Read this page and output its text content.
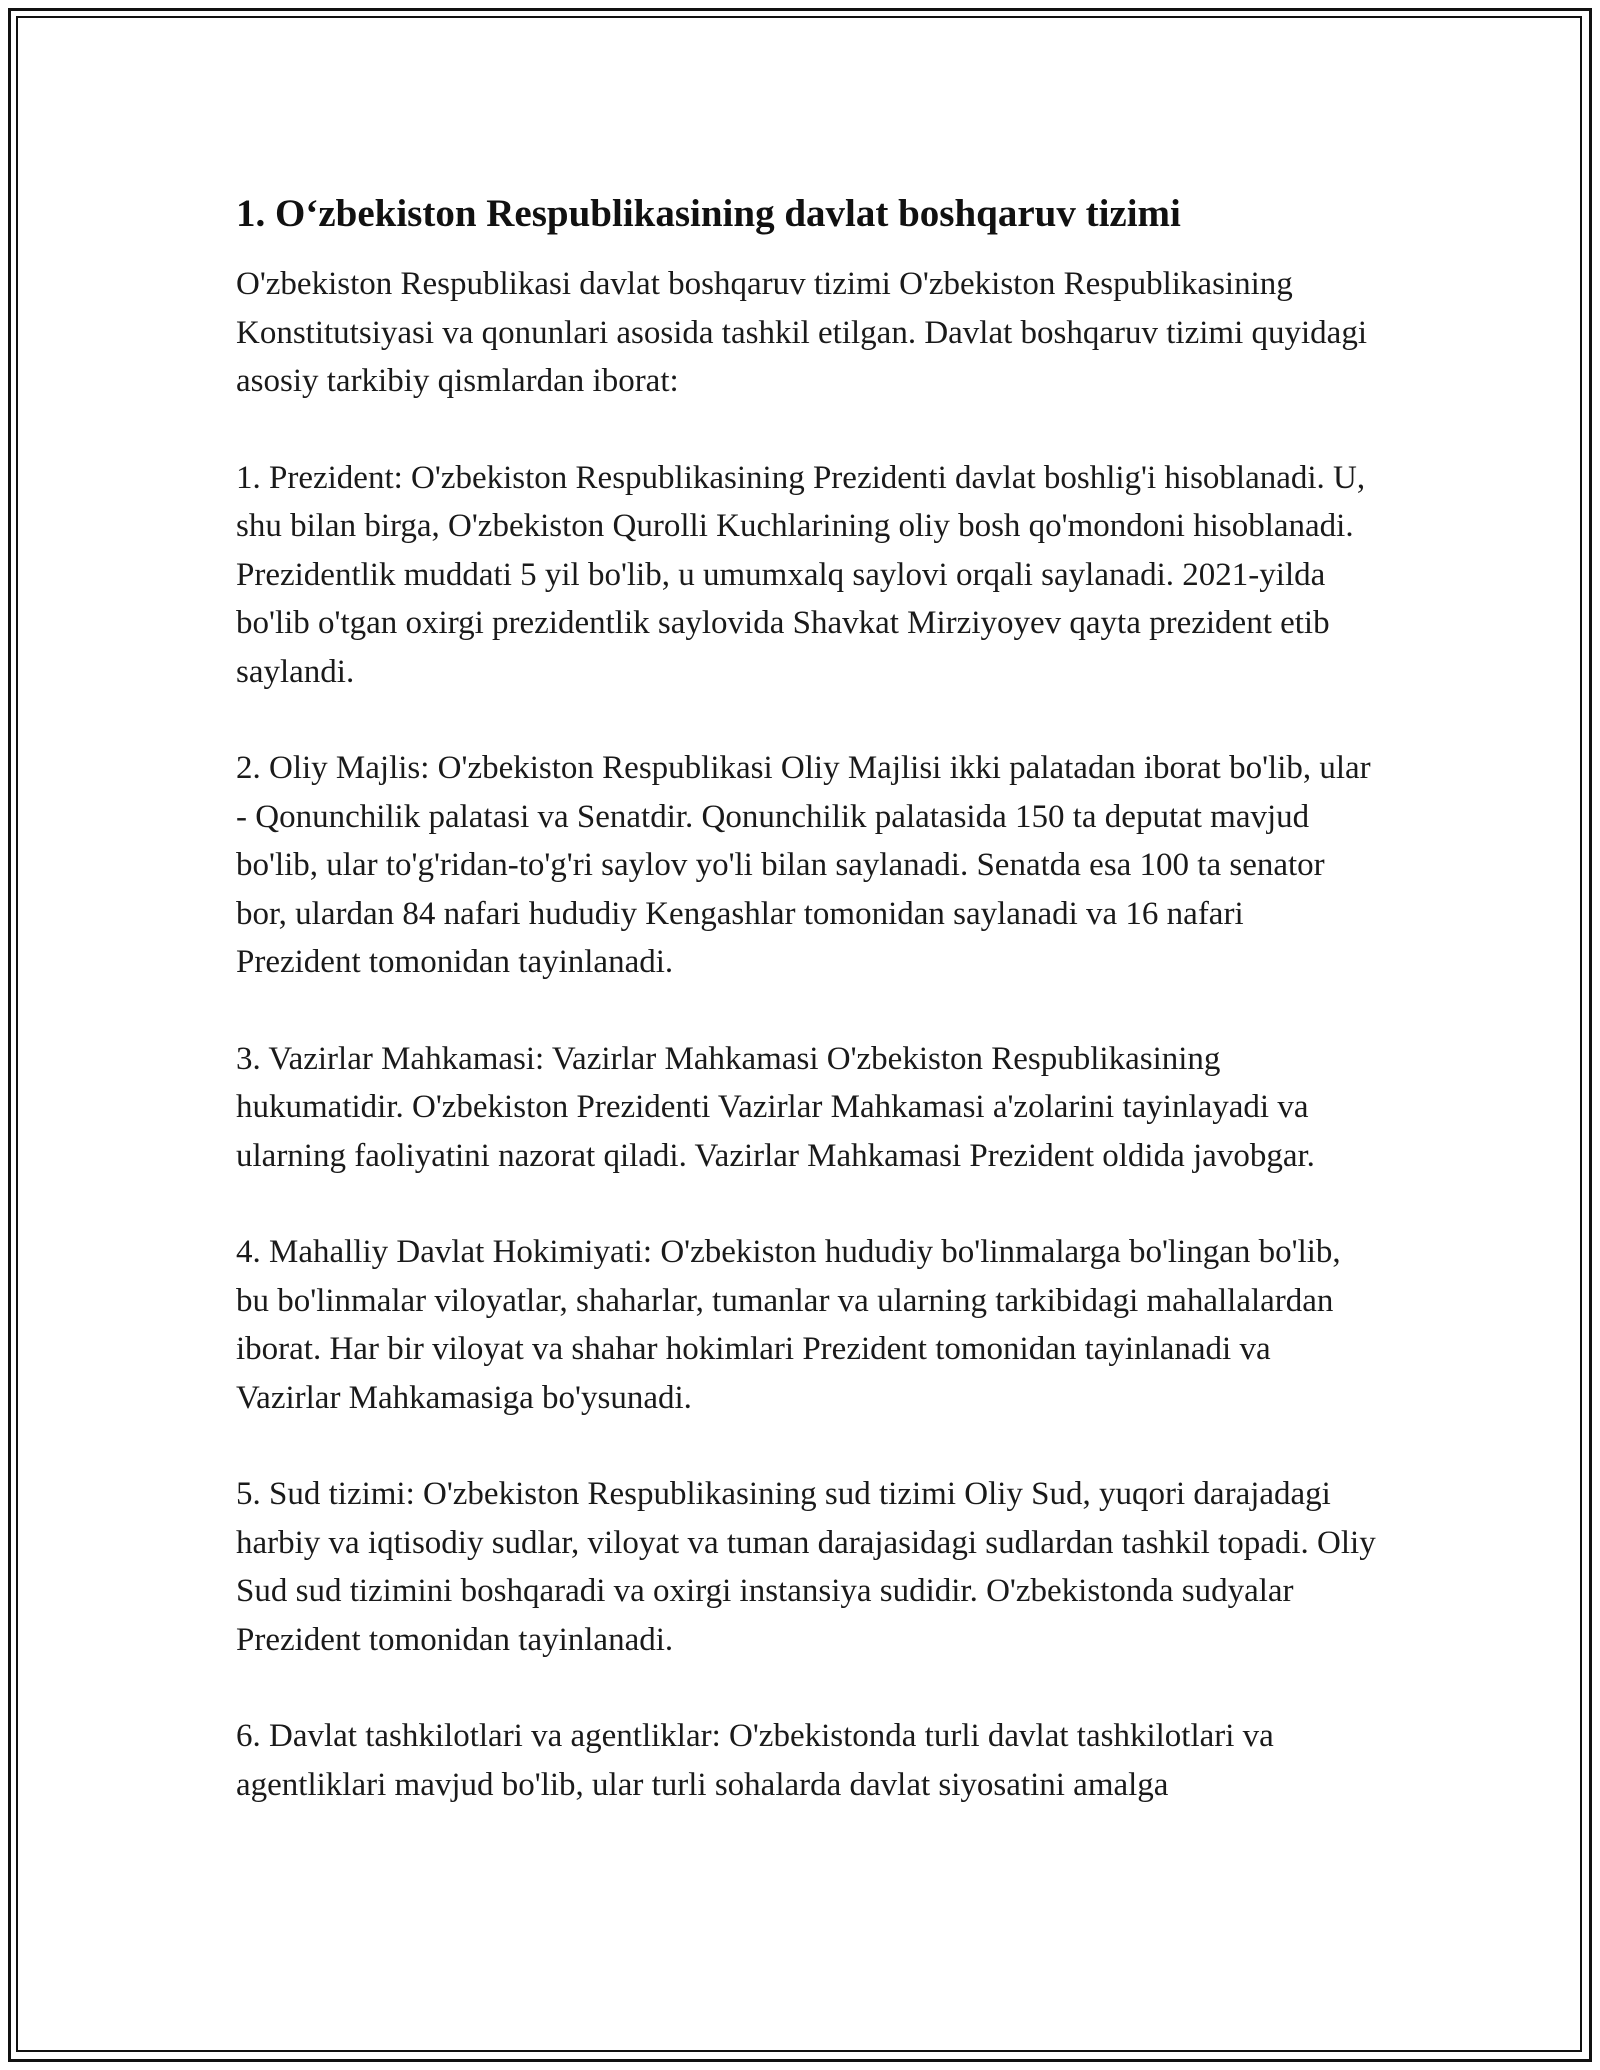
1. O‘zbekiston Respublikasining davlat boshqaruv tizimi

O'zbekiston Respublikasi davlat boshqaruv tizimi O'zbekiston Respublikasining Konstitutsiyasi va qonunlari asosida tashkil etilgan. Davlat boshqaruv tizimi quyidagi asosiy tarkibiy qismlardan iborat:

1. Prezident: O'zbekiston Respublikasining Prezidenti davlat boshlig'i hisoblanadi. U, shu bilan birga, O'zbekiston Qurolli Kuchlarining oliy bosh qo'mondoni hisoblanadi. Prezidentlik muddati 5 yil bo'lib, u umumxalq saylovi orqali saylanadi. 2021-yilda bo'lib o'tgan oxirgi prezidentlik saylovida Shavkat Mirziyoyev qayta prezident etib saylandi.

2. Oliy Majlis: O'zbekiston Respublikasi Oliy Majlisi ikki palatadan iborat bo'lib, ular - Qonunchilik palatasi va Senatdir. Qonunchilik palatasida 150 ta deputat mavjud bo'lib, ular to'g'ridan-to'g'ri saylov yo'li bilan saylanadi. Senatda esa 100 ta senator bor, ulardan 84 nafari hududiy Kengashlar tomonidan saylanadi va 16 nafari Prezident tomonidan tayinlanadi.

3. Vazirlar Mahkamasi: Vazirlar Mahkamasi O'zbekiston Respublikasining hukumatidir. O'zbekiston Prezidenti Vazirlar Mahkamasi a'zolarini tayinlayadi va ularning faoliyatini nazorat qiladi. Vazirlar Mahkamasi Prezident oldida javobgar.

4. Mahalliy Davlat Hokimiyati: O'zbekiston hududiy bo'linmalarga bo'lingan bo'lib, bu bo'linmalar viloyatlar, shaharlar, tumanlar va ularning tarkibidagi mahallalardan iborat. Har bir viloyat va shahar hokimlari Prezident tomonidan tayinlanadi va Vazirlar Mahkamasiga bo'ysunadi.

5. Sud tizimi: O'zbekiston Respublikasining sud tizimi Oliy Sud, yuqori darajadagi harbiy va iqtisodiy sudlar, viloyat va tuman darajasidagi sudlardan tashkil topadi. Oliy Sud sud tizimini boshqaradi va oxirgi instansiya sudidir. O'zbekistonda sudyalar Prezident tomonidan tayinlanadi.

6. Davlat tashkilotlari va agentliklar: O'zbekistonda turli davlat tashkilotlari va agentliklari mavjud bo'lib, ular turli sohalarda davlat siyosatini amalga
